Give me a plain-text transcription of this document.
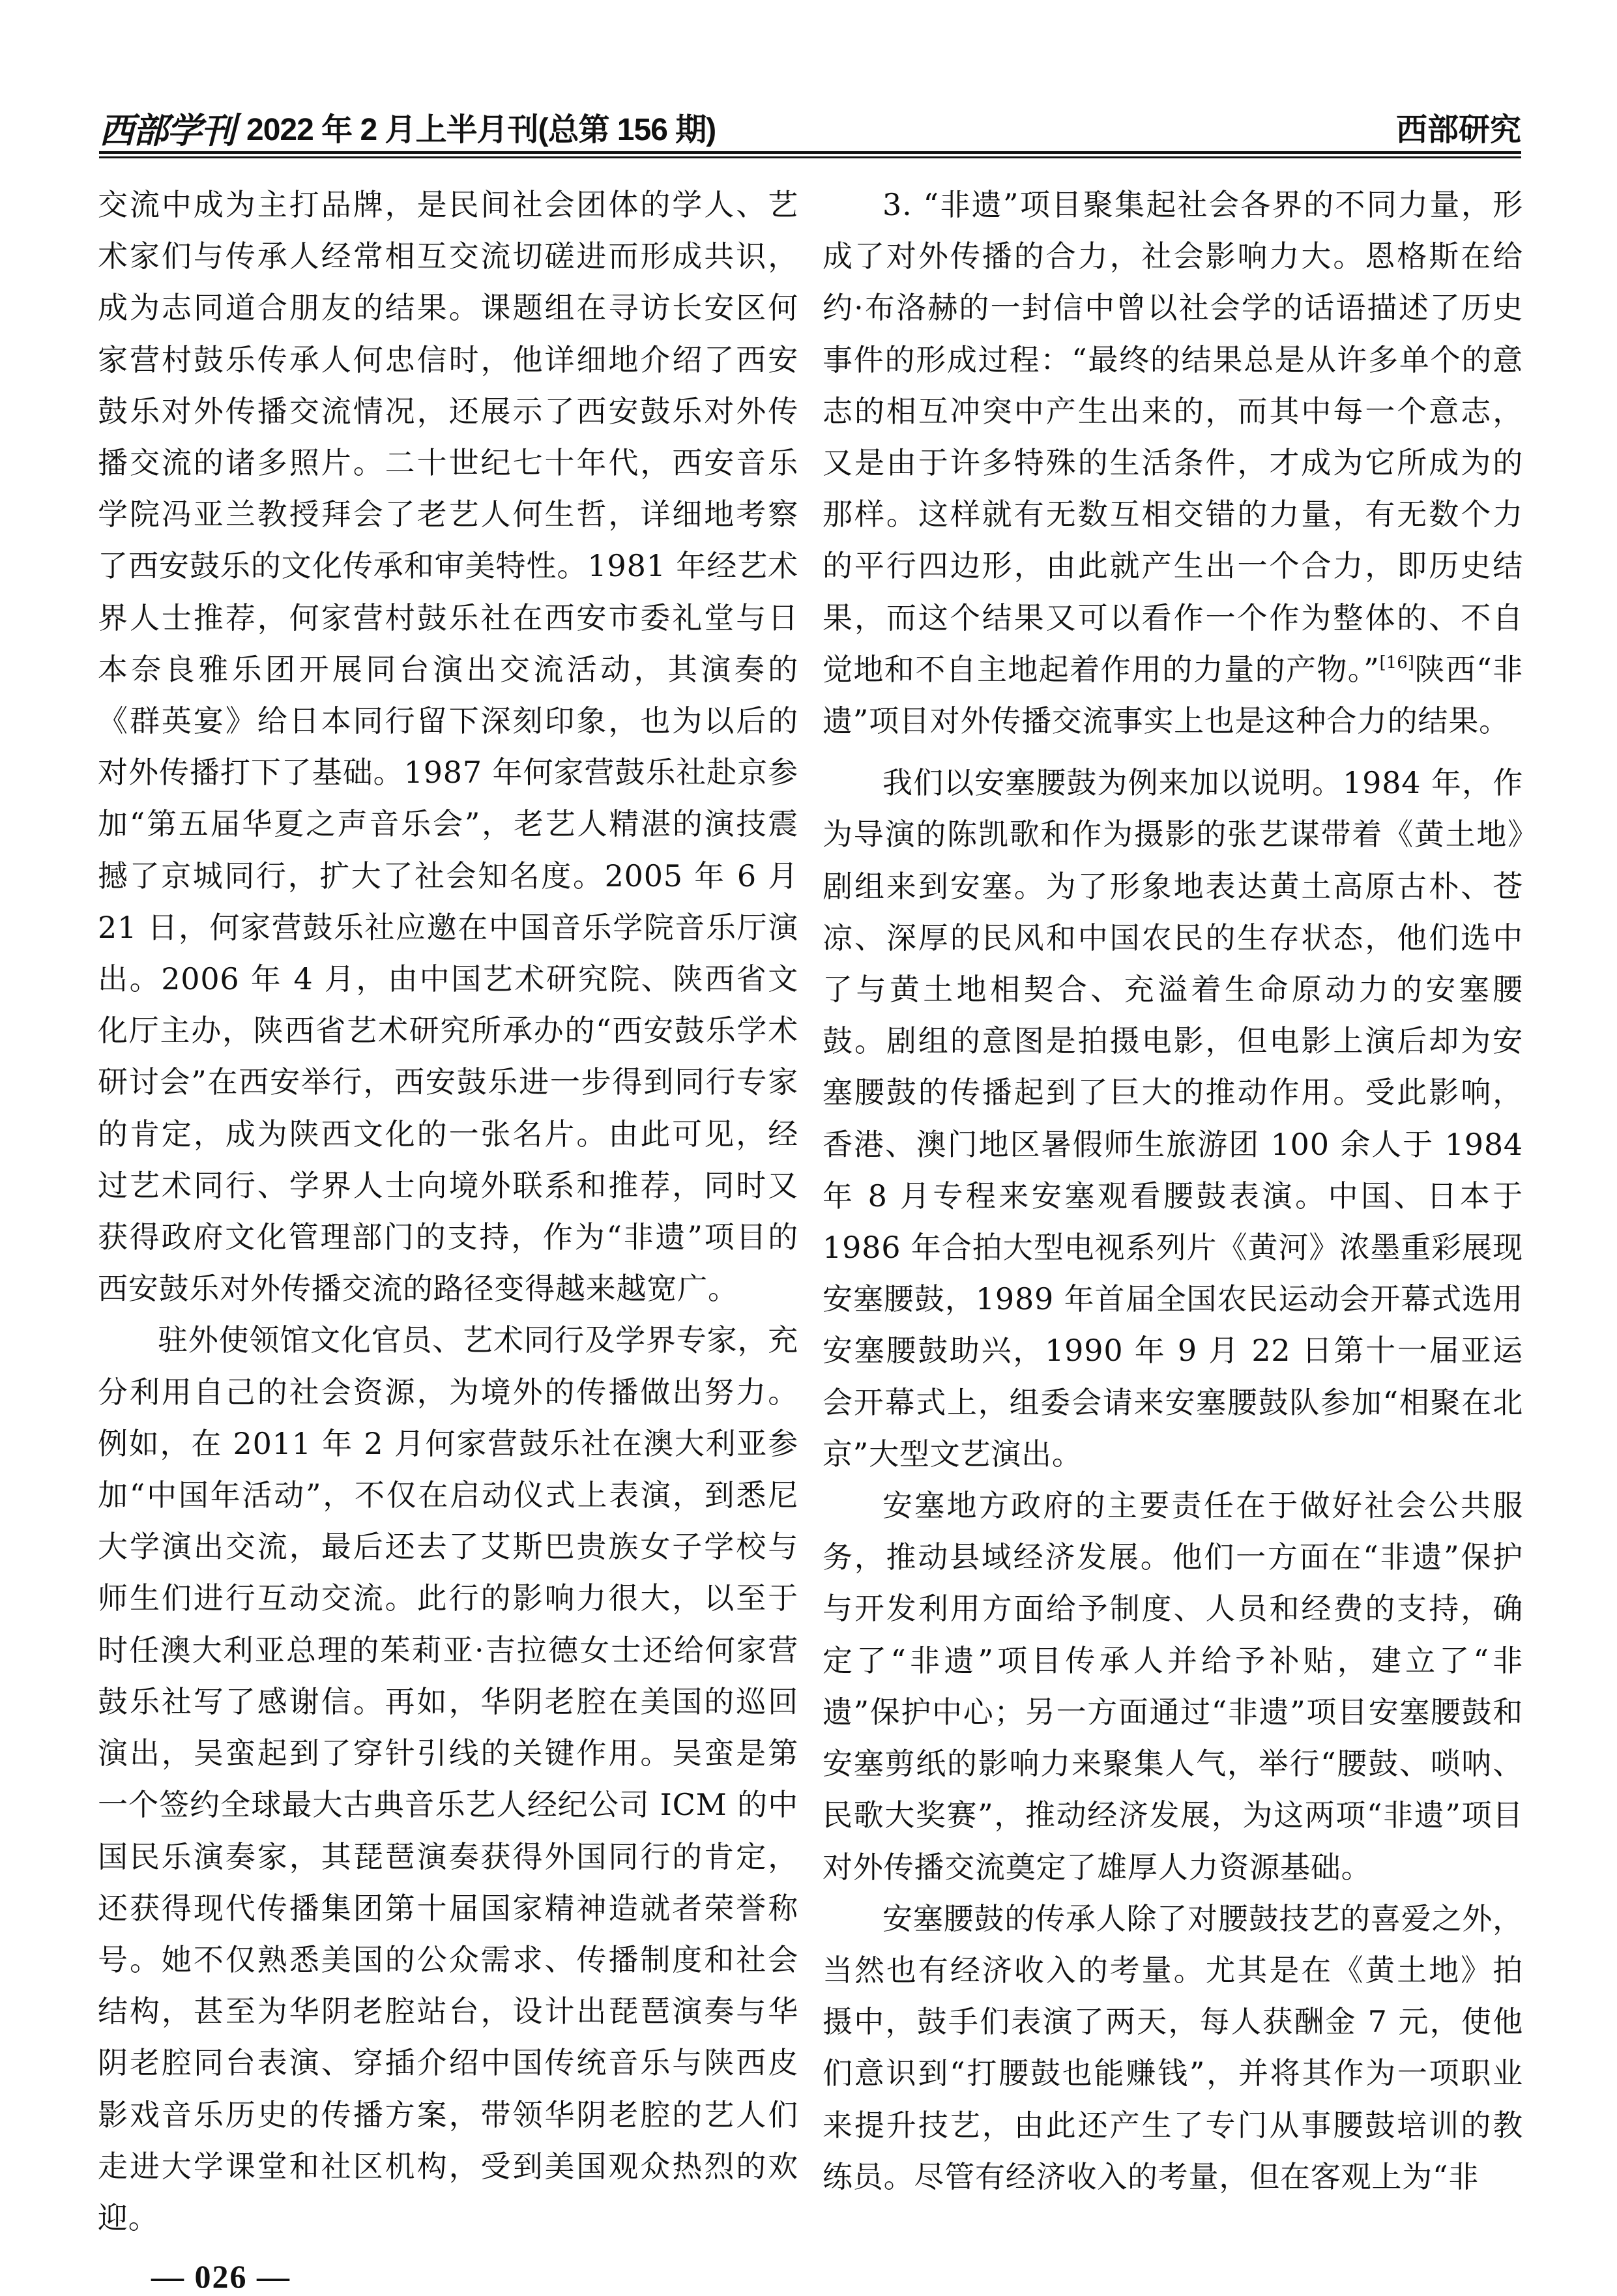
西部学刊 2022 年 2 月上半月刊(总第 156 期)	西部研究

交流中成为主打品牌，是民间社会团体的学人、艺术家们与传承人经常相互交流切磋进而形成共识，成为志同道合朋友的结果。课题组在寻访长安区何家营村鼓乐传承人何忠信时，他详细地介绍了西安鼓乐对外传播交流情况，还展示了西安鼓乐对外传播交流的诸多照片。二十世纪七十年代，西安音乐学院冯亚兰教授拜会了老艺人何生哲，详细地考察了西安鼓乐的文化传承和审美特性。1981 年经艺术界人士推荐，何家营村鼓乐社在西安市委礼堂与日本奈良雅乐团开展同台演出交流活动，其演奏的《群英宴》给日本同行留下深刻印象，也为以后的对外传播打下了基础。1987 年何家营鼓乐社赴京参加“第五届华夏之声音乐会”，老艺人精湛的演技震撼了京城同行，扩大了社会知名度。2005 年 6 月 21 日，何家营鼓乐社应邀在中国音乐学院音乐厅演出。2006 年 4 月，由中国艺术研究院、陕西省文化厅主办，陕西省艺术研究所承办的“西安鼓乐学术研讨会”在西安举行，西安鼓乐进一步得到同行专家的肯定，成为陕西文化的一张名片。由此可见，经过艺术同行、学界人士向境外联系和推荐，同时又获得政府文化管理部门的支持，作为“非遗”项目的西安鼓乐对外传播交流的路径变得越来越宽广。

驻外使领馆文化官员、艺术同行及学界专家，充分利用自己的社会资源，为境外的传播做出努力。例如，在 2011 年 2 月何家营鼓乐社在澳大利亚参加“中国年活动”，不仅在启动仪式上表演，到悉尼大学演出交流，最后还去了艾斯巴贵族女子学校与师生们进行互动交流。此行的影响力很大，以至于时任澳大利亚总理的茱莉亚·吉拉德女士还给何家营鼓乐社写了感谢信。再如，华阴老腔在美国的巡回演出，吴蛮起到了穿针引线的关键作用。吴蛮是第一个签约全球最大古典音乐艺人经纪公司 ICM 的中国民乐演奏家，其琵琶演奏获得外国同行的肯定，还获得现代传播集团第十届国家精神造就者荣誉称号。她不仅熟悉美国的公众需求、传播制度和社会结构，甚至为华阴老腔站台，设计出琵琶演奏与华阴老腔同台表演、穿插介绍中国传统音乐与陕西皮影戏音乐历史的传播方案，带领华阴老腔的艺人们走进大学课堂和社区机构，受到美国观众热烈的欢迎。

3. “非遗”项目聚集起社会各界的不同力量，形成了对外传播的合力，社会影响力大。恩格斯在给约·布洛赫的一封信中曾以社会学的话语描述了历史事件的形成过程：“最终的结果总是从许多单个的意志的相互冲突中产生出来的，而其中每一个意志，又是由于许多特殊的生活条件，才成为它所成为的那样。这样就有无数互相交错的力量，有无数个力的平行四边形，由此就产生出一个合力，即历史结果，而这个结果又可以看作一个作为整体的、不自觉地和不自主地起着作用的力量的产物。”[16]陕西“非遗”项目对外传播交流事实上也是这种合力的结果。

我们以安塞腰鼓为例来加以说明。1984 年，作为导演的陈凯歌和作为摄影的张艺谋带着《黄土地》剧组来到安塞。为了形象地表达黄土高原古朴、苍凉、深厚的民风和中国农民的生存状态，他们选中了与黄土地相契合、充溢着生命原动力的安塞腰鼓。剧组的意图是拍摄电影，但电影上演后却为安塞腰鼓的传播起到了巨大的推动作用。受此影响，香港、澳门地区暑假师生旅游团 100 余人于 1984 年 8 月专程来安塞观看腰鼓表演。中国、日本于 1986 年合拍大型电视系列片《黄河》浓墨重彩展现安塞腰鼓，1989 年首届全国农民运动会开幕式选用安塞腰鼓助兴，1990 年 9 月 22 日第十一届亚运会开幕式上，组委会请来安塞腰鼓队参加“相聚在北京”大型文艺演出。

安塞地方政府的主要责任在于做好社会公共服务，推动县域经济发展。他们一方面在“非遗”保护与开发利用方面给予制度、人员和经费的支持，确定了“非遗”项目传承人并给予补贴，建立了“非遗”保护中心；另一方面通过“非遗”项目安塞腰鼓和安塞剪纸的影响力来聚集人气，举行“腰鼓、唢呐、民歌大奖赛”，推动经济发展，为这两项“非遗”项目对外传播交流奠定了雄厚人力资源基础。

安塞腰鼓的传承人除了对腰鼓技艺的喜爱之外，当然也有经济收入的考量。尤其是在《黄土地》拍摄中，鼓手们表演了两天，每人获酬金 7 元，使他们意识到“打腰鼓也能赚钱”，并将其作为一项职业来提升技艺，由此还产生了专门从事腰鼓培训的教练员。尽管有经济收入的考量，但在客观上为“非

— 026 —
